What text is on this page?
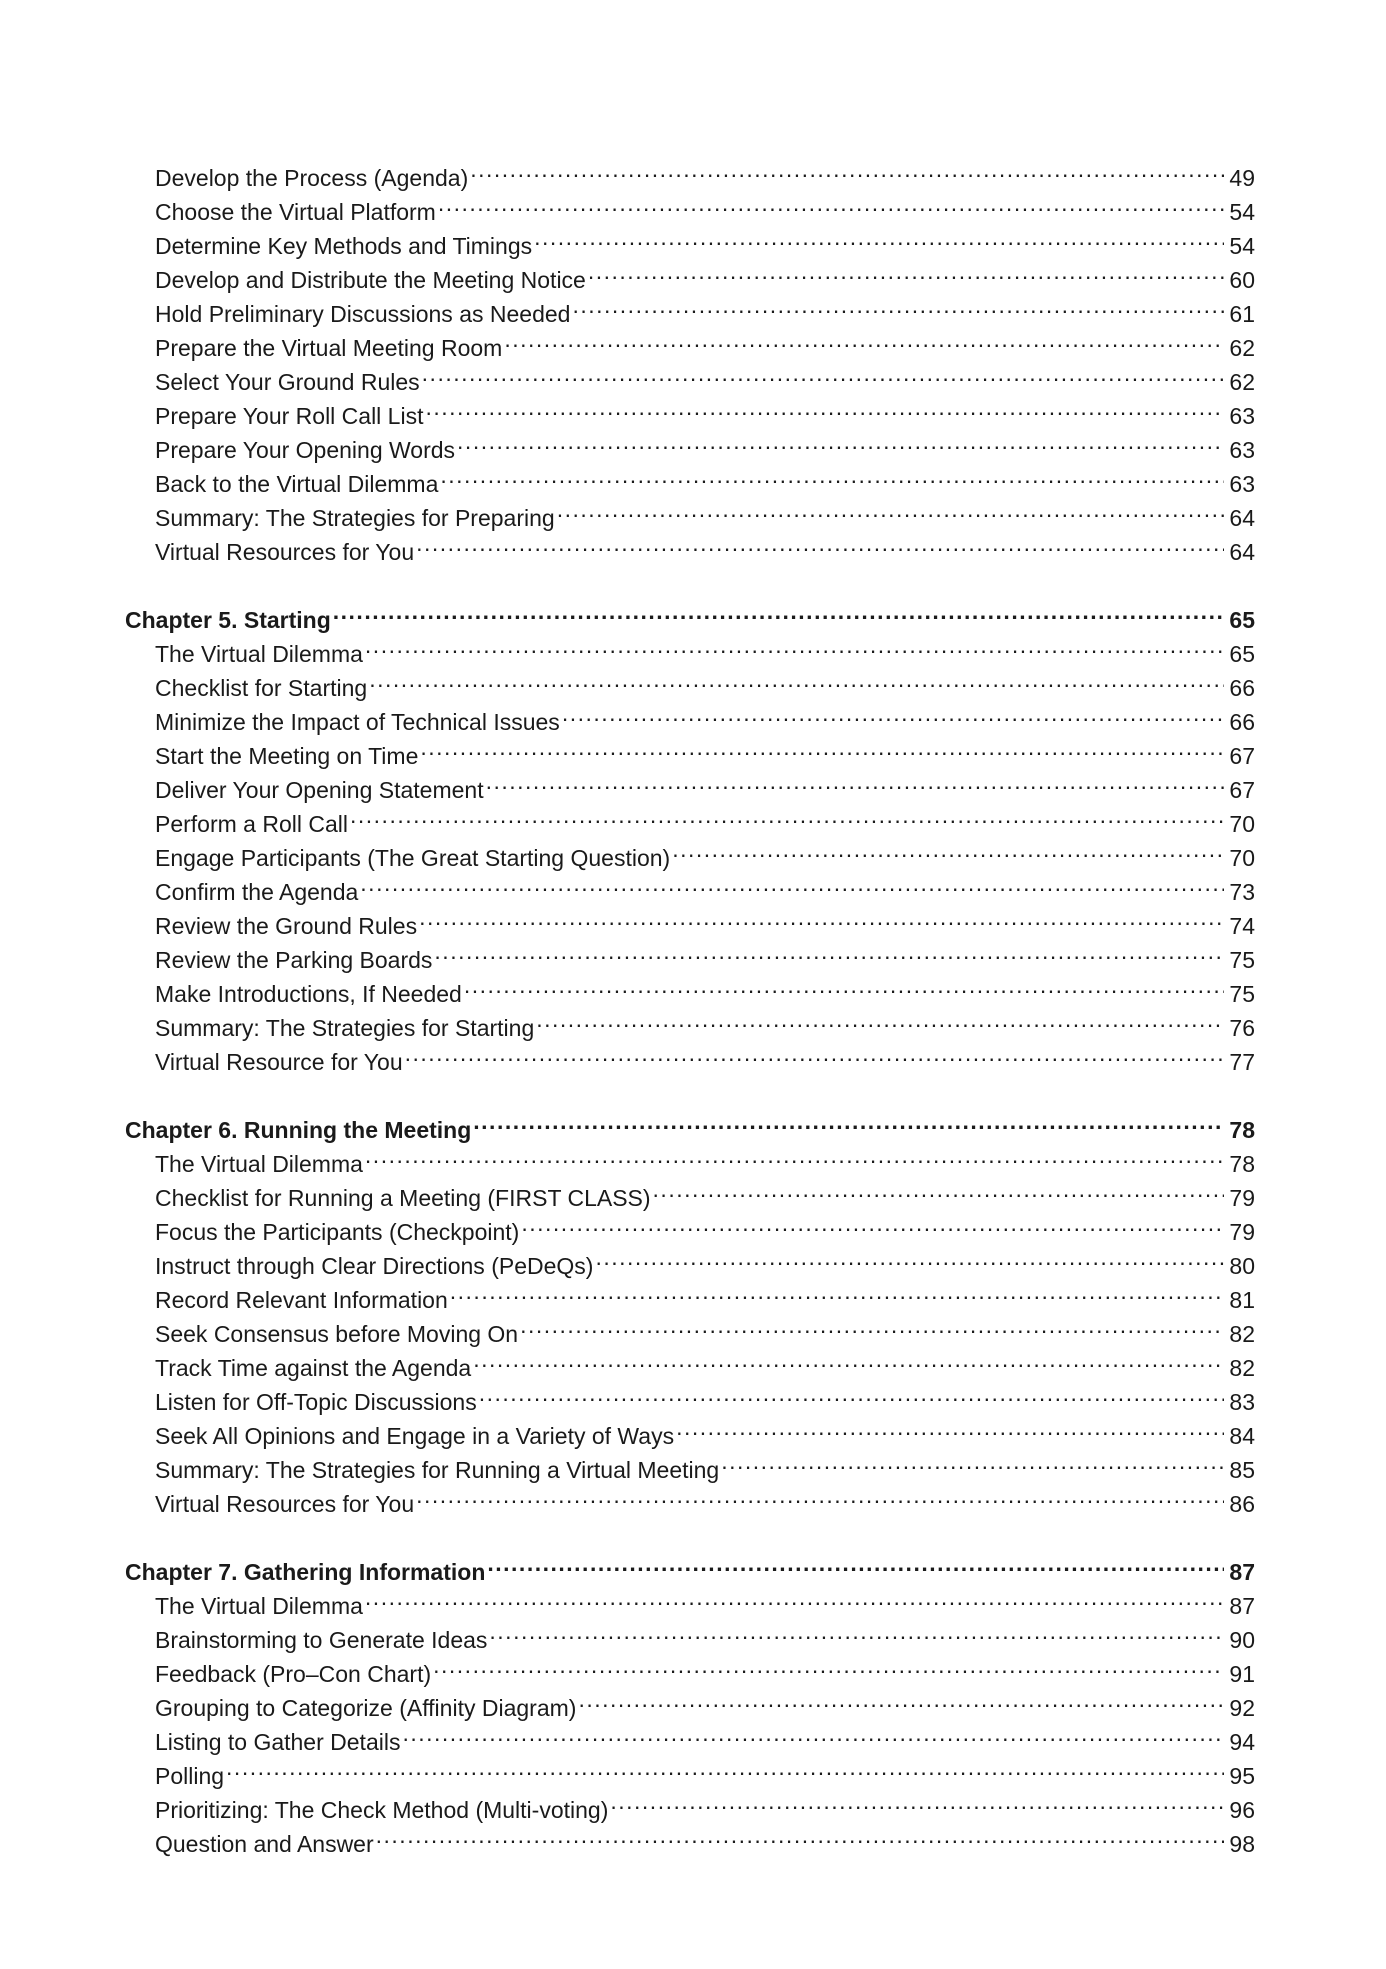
Develop the Process (Agenda) .....	49
Choose the Virtual Platform .....	54
Determine Key Methods and Timings .....	54
Develop and Distribute the Meeting Notice .....	60
Hold Preliminary Discussions as Needed .....	61
Prepare the Virtual Meeting Room .....	62
Select Your Ground Rules .....	62
Prepare Your Roll Call List .....	63
Prepare Your Opening Words .....	63
Back to the Virtual Dilemma .....	63
Summary: The Strategies for Preparing .....	64
Virtual Resources for You .....	64
Chapter 5. Starting .....	65
The Virtual Dilemma .....	65
Checklist for Starting .....	66
Minimize the Impact of Technical Issues .....	66
Start the Meeting on Time .....	67
Deliver Your Opening Statement .....	67
Perform a Roll Call .....	70
Engage Participants (The Great Starting Question) .....	70
Confirm the Agenda .....	73
Review the Ground Rules .....	74
Review the Parking Boards .....	75
Make Introductions, If Needed .....	75
Summary: The Strategies for Starting .....	76
Virtual Resource for You .....	77
Chapter 6. Running the Meeting .....	78
The Virtual Dilemma .....	78
Checklist for Running a Meeting (FIRST CLASS) .....	79
Focus the Participants (Checkpoint) .....	79
Instruct through Clear Directions (PeDeQs) .....	80
Record Relevant Information .....	81
Seek Consensus before Moving On .....	82
Track Time against the Agenda .....	82
Listen for Off-Topic Discussions .....	83
Seek All Opinions and Engage in a Variety of Ways .....	84
Summary: The Strategies for Running a Virtual Meeting .....	85
Virtual Resources for You .....	86
Chapter 7. Gathering Information .....	87
The Virtual Dilemma .....	87
Brainstorming to Generate Ideas .....	90
Feedback (Pro–Con Chart) .....	91
Grouping to Categorize (Affinity Diagram) .....	92
Listing to Gather Details .....	94
Polling .....	95
Prioritizing: The Check Method (Multi-voting) .....	96
Question and Answer .....	98
